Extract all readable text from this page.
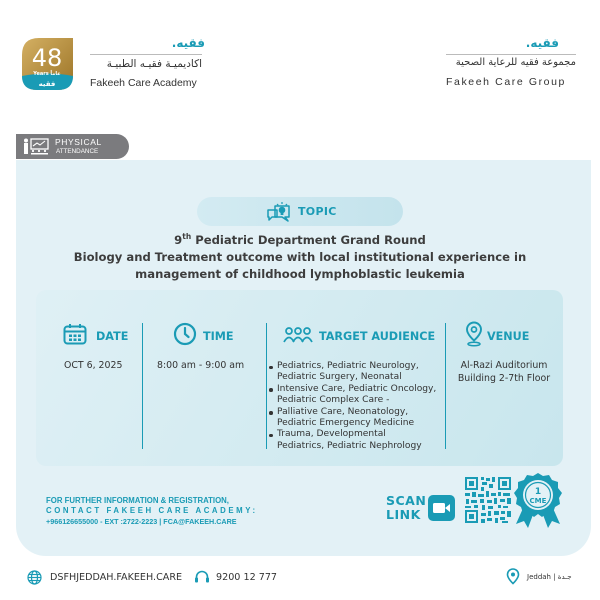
48
Years عاماً
فقيه
فقيه.
اكاديميـة فقيـه الطبيـة
Fakeeh Care Academy
فقيه.
مجموعة فقيه للرعاية الصحية
Fakeeh Care Group
PHYSICAL
ATTENDANCE
TOPIC
9th Pediatric Department Grand Round
Biology and Treatment outcome with local institutional experience in
management of childhood lymphoblastic leukemia
DATE
OCT 6, 2025
TIME
8:00 am - 9:00 am
TARGET AUDIENCE
Pediatrics, Pediatric Neurology,
Pediatric Surgery, Neonatal
Intensive Care, Pediatric Oncology,
Pediatric Complex Care -
Palliative Care, Neonatology,
Pediatric Emergency Medicine
Trauma, Developmental
Pediatrics, Pediatric Nephrology
VENUE
Al-Razi Auditorium
Building 2-7th Floor
FOR FURTHER INFORMATION & REGISTRATION,
CONTACT FAKEEH CARE ACADEMY:
+966126655000 - EXT :2722-2223 | FCA@FAKEEH.CARE
SCAN
LINK
1
CME
DSFHJEDDAH.FAKEEH.CARE	9200 12 777	Jeddah | جـدة
